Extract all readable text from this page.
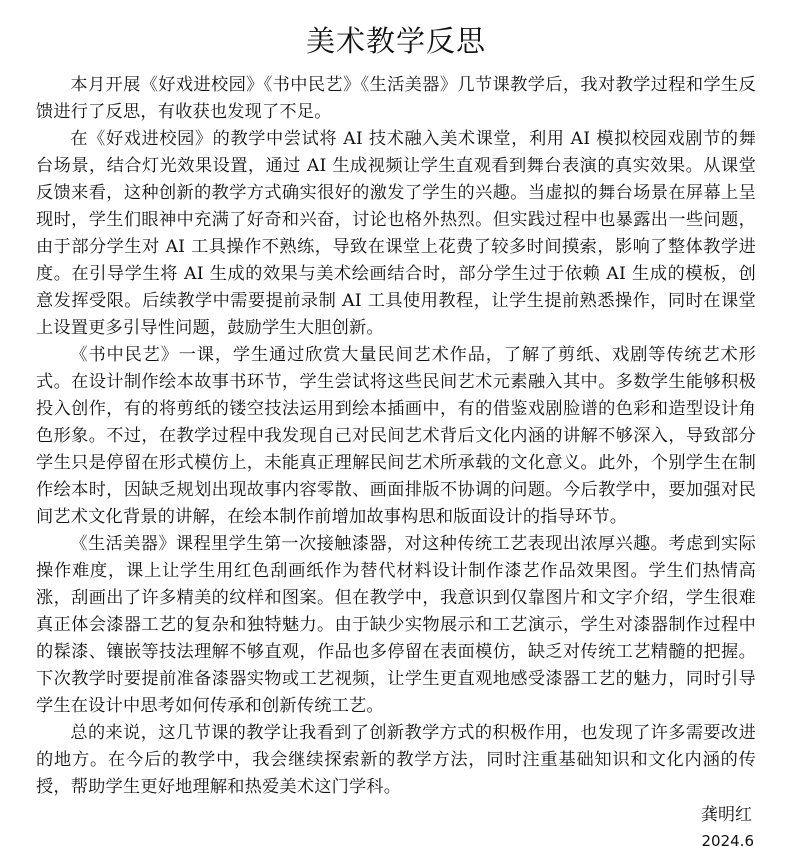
美术教学反思

本月开展《好戏进校园》《书中民艺》《生活美器》几节课教学后，我对教学过程和学生反馈进行了反思，有收获也发现了不足。

在《好戏进校园》的教学中尝试将 AI 技术融入美术课堂，利用 AI 模拟校园戏剧节的舞台场景，结合灯光效果设置，通过 AI 生成视频让学生直观看到舞台表演的真实效果。从课堂反馈来看，这种创新的教学方式确实很好的激发了学生的兴趣。当虚拟的舞台场景在屏幕上呈现时，学生们眼神中充满了好奇和兴奋，讨论也格外热烈。但实践过程中也暴露出一些问题，由于部分学生对 AI 工具操作不熟练，导致在课堂上花费了较多时间摸索，影响了整体教学进度。在引导学生将 AI 生成的效果与美术绘画结合时，部分学生过于依赖 AI 生成的模板，创意发挥受限。后续教学中需要提前录制 AI 工具使用教程，让学生提前熟悉操作，同时在课堂上设置更多引导性问题，鼓励学生大胆创新。

《书中民艺》一课，学生通过欣赏大量民间艺术作品，了解了剪纸、戏剧等传统艺术形式。在设计制作绘本故事书环节，学生尝试将这些民间艺术元素融入其中。多数学生能够积极投入创作，有的将剪纸的镂空技法运用到绘本插画中，有的借鉴戏剧脸谱的色彩和造型设计角色形象。不过，在教学过程中我发现自己对民间艺术背后文化内涵的讲解不够深入，导致部分学生只是停留在形式模仿上，未能真正理解民间艺术所承载的文化意义。此外，个别学生在制作绘本时，因缺乏规划出现故事内容零散、画面排版不协调的问题。今后教学中，要加强对民间艺术文化背景的讲解，在绘本制作前增加故事构思和版面设计的指导环节。

《生活美器》课程里学生第一次接触漆器，对这种传统工艺表现出浓厚兴趣。考虑到实际操作难度，课上让学生用红色刮画纸作为替代材料设计制作漆艺作品效果图。学生们热情高涨，刮画出了许多精美的纹样和图案。但在教学中，我意识到仅靠图片和文字介绍，学生很难真正体会漆器工艺的复杂和独特魅力。由于缺少实物展示和工艺演示，学生对漆器制作过程中的髹漆、镶嵌等技法理解不够直观，作品也多停留在表面模仿，缺乏对传统工艺精髓的把握。下次教学时要提前准备漆器实物或工艺视频，让学生更直观地感受漆器工艺的魅力，同时引导学生在设计中思考如何传承和创新传统工艺。

总的来说，这几节课的教学让我看到了创新教学方式的积极作用，也发现了许多需要改进的地方。在今后的教学中，我会继续探索新的教学方法，同时注重基础知识和文化内涵的传授，帮助学生更好地理解和热爱美术这门学科。

龚明红
2024.6
